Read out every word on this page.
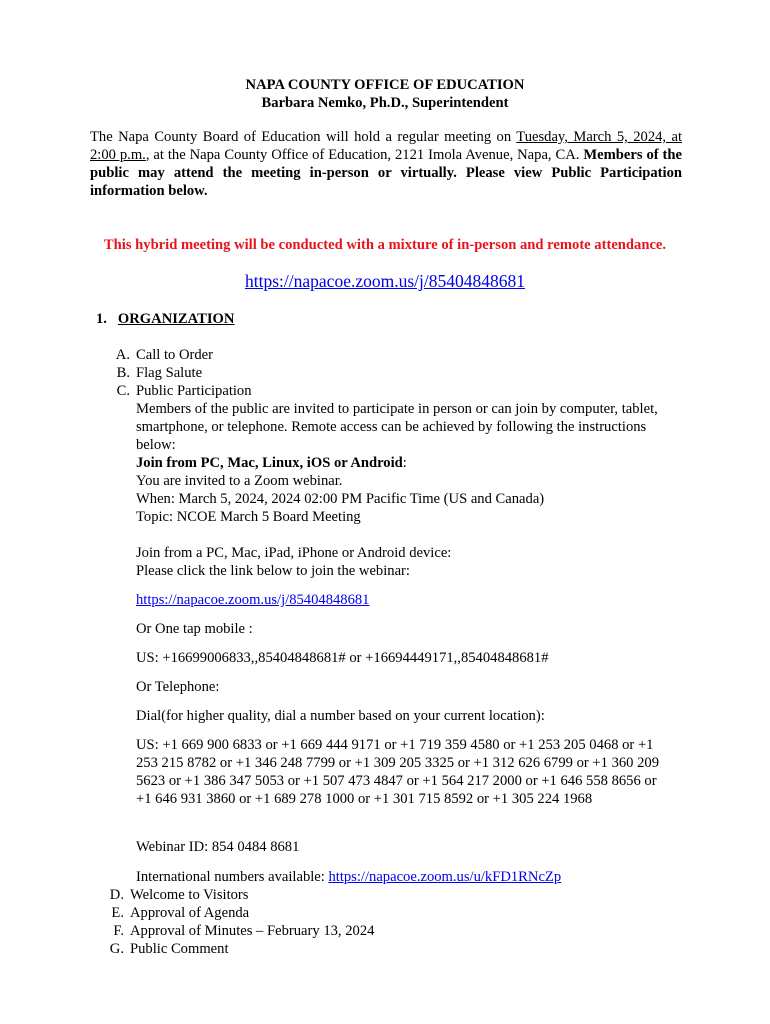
NAPA COUNTY OFFICE OF EDUCATION
Barbara Nemko, Ph.D., Superintendent
The Napa County Board of Education will hold a regular meeting on Tuesday, March 5, 2024, at 2:00 p.m., at the Napa County Office of Education, 2121 Imola Avenue, Napa, CA. Members of the public may attend the meeting in-person or virtually. Please view Public Participation information below.
This hybrid meeting will be conducted with a mixture of in-person and remote attendance.
https://napacoe.zoom.us/j/85404848681
1. ORGANIZATION
A. Call to Order
B. Flag Salute
C. Public Participation
Members of the public are invited to participate in person or can join by computer, tablet, smartphone, or telephone. Remote access can be achieved by following the instructions below:
Join from PC, Mac, Linux, iOS or Android:
You are invited to a Zoom webinar.
When: March 5, 2024, 2024 02:00 PM Pacific Time (US and Canada)
Topic: NCOE March 5 Board Meeting
Join from a PC, Mac, iPad, iPhone or Android device:
Please click the link below to join the webinar:
https://napacoe.zoom.us/j/85404848681
Or One tap mobile :
US: +16699006833,,85404848681# or +16694449171,,85404848681#
Or Telephone:
Dial(for higher quality, dial a number based on your current location):
US: +1 669 900 6833 or +1 669 444 9171 or +1 719 359 4580 or +1 253 205 0468 or +1 253 215 8782 or +1 346 248 7799 or +1 309 205 3325 or +1 312 626 6799 or +1 360 209 5623 or +1 386 347 5053 or +1 507 473 4847 or +1 564 217 2000 or +1 646 558 8656 or +1 646 931 3860 or +1 689 278 1000 or +1 301 715 8592 or +1 305 224 1968
Webinar ID: 854 0484 8681
International numbers available: https://napacoe.zoom.us/u/kFD1RNcZp
D. Welcome to Visitors
E. Approval of Agenda
F. Approval of Minutes – February 13, 2024
G. Public Comment
